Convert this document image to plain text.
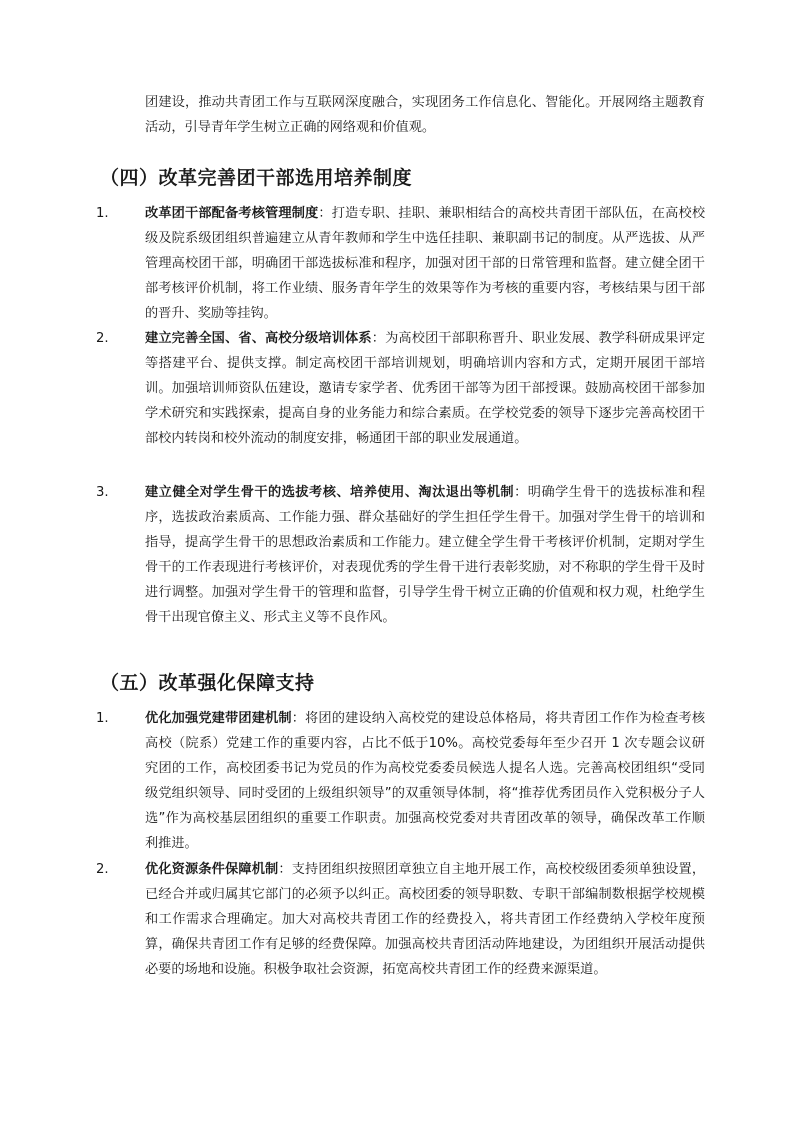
团建设，推动共青团工作与互联网深度融合，实现团务工作信息化、智能化。开展网络主题教育活动，引导青年学生树立正确的网络观和价值观。

（四）改革完善团干部选用培养制度
1.	改革团干部配备考核管理制度：打造专职、挂职、兼职相结合的高校共青团干部队伍，在高校校级及院系级团组织普遍建立从青年教师和学生中选任挂职、兼职副书记的制度。从严选拔、从严管理高校团干部，明确团干部选拔标准和程序，加强对团干部的日常管理和监督。建立健全团干部考核评价机制，将工作业绩、服务青年学生的效果等作为考核的重要内容，考核结果与团干部的晋升、奖励等挂钩。

2.	建立完善全国、省、高校分级培训体系：为高校团干部职称晋升、职业发展、教学科研成果评定等搭建平台、提供支撑。制定高校团干部培训规划，明确培训内容和方式，定期开展团干部培训。加强培训师资队伍建设，邀请专家学者、优秀团干部等为团干部授课。鼓励高校团干部参加学术研究和实践探索，提高自身的业务能力和综合素质。在学校党委的领导下逐步完善高校团干部校内转岗和校外流动的制度安排，畅通团干部的职业发展通道。

3.	建立健全对学生骨干的选拔考核、培养使用、淘汰退出等机制：明确学生骨干的选拔标准和程序，选拔政治素质高、工作能力强、群众基础好的学生担任学生骨干。加强对学生骨干的培训和指导，提高学生骨干的思想政治素质和工作能力。建立健全学生骨干考核评价机制，定期对学生骨干的工作表现进行考核评价，对表现优秀的学生骨干进行表彰奖励，对不称职的学生骨干及时进行调整。加强对学生骨干的管理和监督，引导学生骨干树立正确的价值观和权力观，杜绝学生骨干出现官僚主义、形式主义等不良作风。

（五）改革强化保障支持
1.	优化加强党建带团建机制：将团的建设纳入高校党的建设总体格局，将共青团工作作为检查考核高校（院系）党建工作的重要内容，占比不低于10%。高校党委每年至少召开 1 次专题会议研究团的工作，高校团委书记为党员的作为高校党委委员候选人提名人选。完善高校团组织“受同级党组织领导、同时受团的上级组织领导”的双重领导体制，将“推荐优秀团员作入党积极分子人选”作为高校基层团组织的重要工作职责。加强高校党委对共青团改革的领导，确保改革工作顺利推进。

2.	优化资源条件保障机制：支持团组织按照团章独立自主地开展工作，高校校级团委须单独设置，已经合并或归属其它部门的必须予以纠正。高校团委的领导职数、专职干部编制数根据学校规模和工作需求合理确定。加大对高校共青团工作的经费投入，将共青团工作经费纳入学校年度预算，确保共青团工作有足够的经费保障。加强高校共青团活动阵地建设，为团组织开展活动提供必要的场地和设施。积极争取社会资源，拓宽高校共青团工作的经费来源渠道。
